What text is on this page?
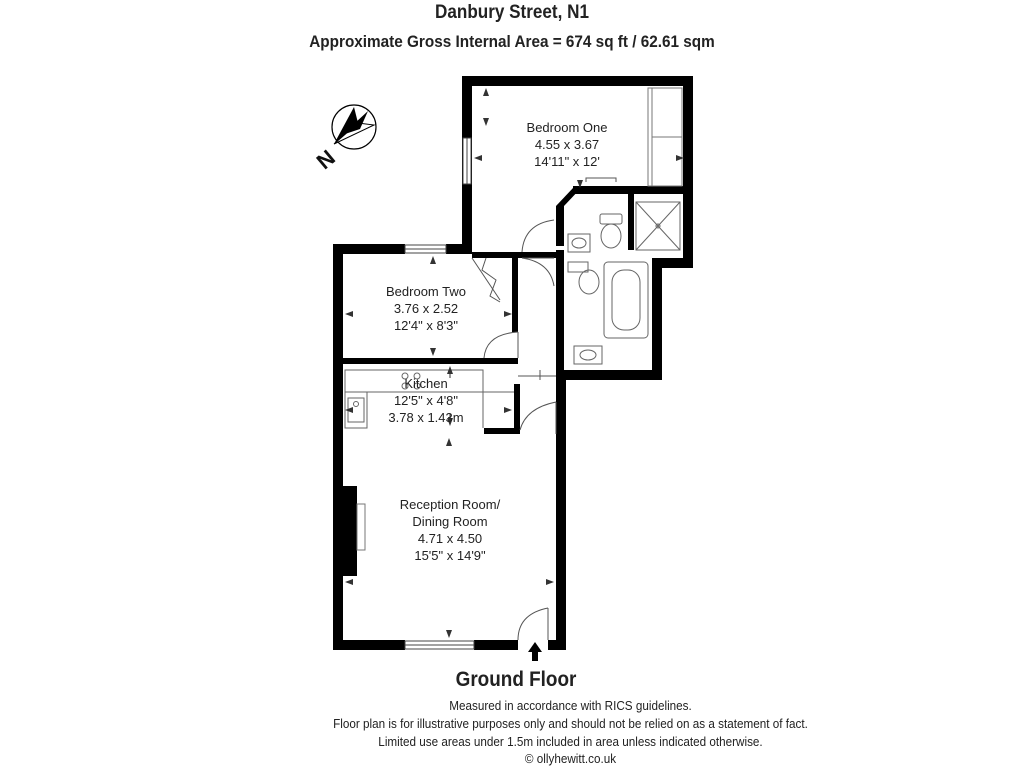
Danbury Street, N1
Approximate Gross Internal Area = 674 sq ft / 62.61 sqm
N
Bedroom One
4.55 x 3.67
14'11" x 12'
Bedroom Two
3.76 x 2.52
12'4" x 8'3"
Kitchen
12'5" x 4'8"
3.78 x 1.43m
Reception Room/
Dining Room
4.71 x 4.50
15'5" x 14'9"
Ground Floor
Measured in accordance with RICS guidelines.
Floor plan is for illustrative purposes only and should not be relied on as a statement of fact.
Limited use areas under 1.5m included in area unless indicated otherwise.
© ollyhewitt.co.uk
